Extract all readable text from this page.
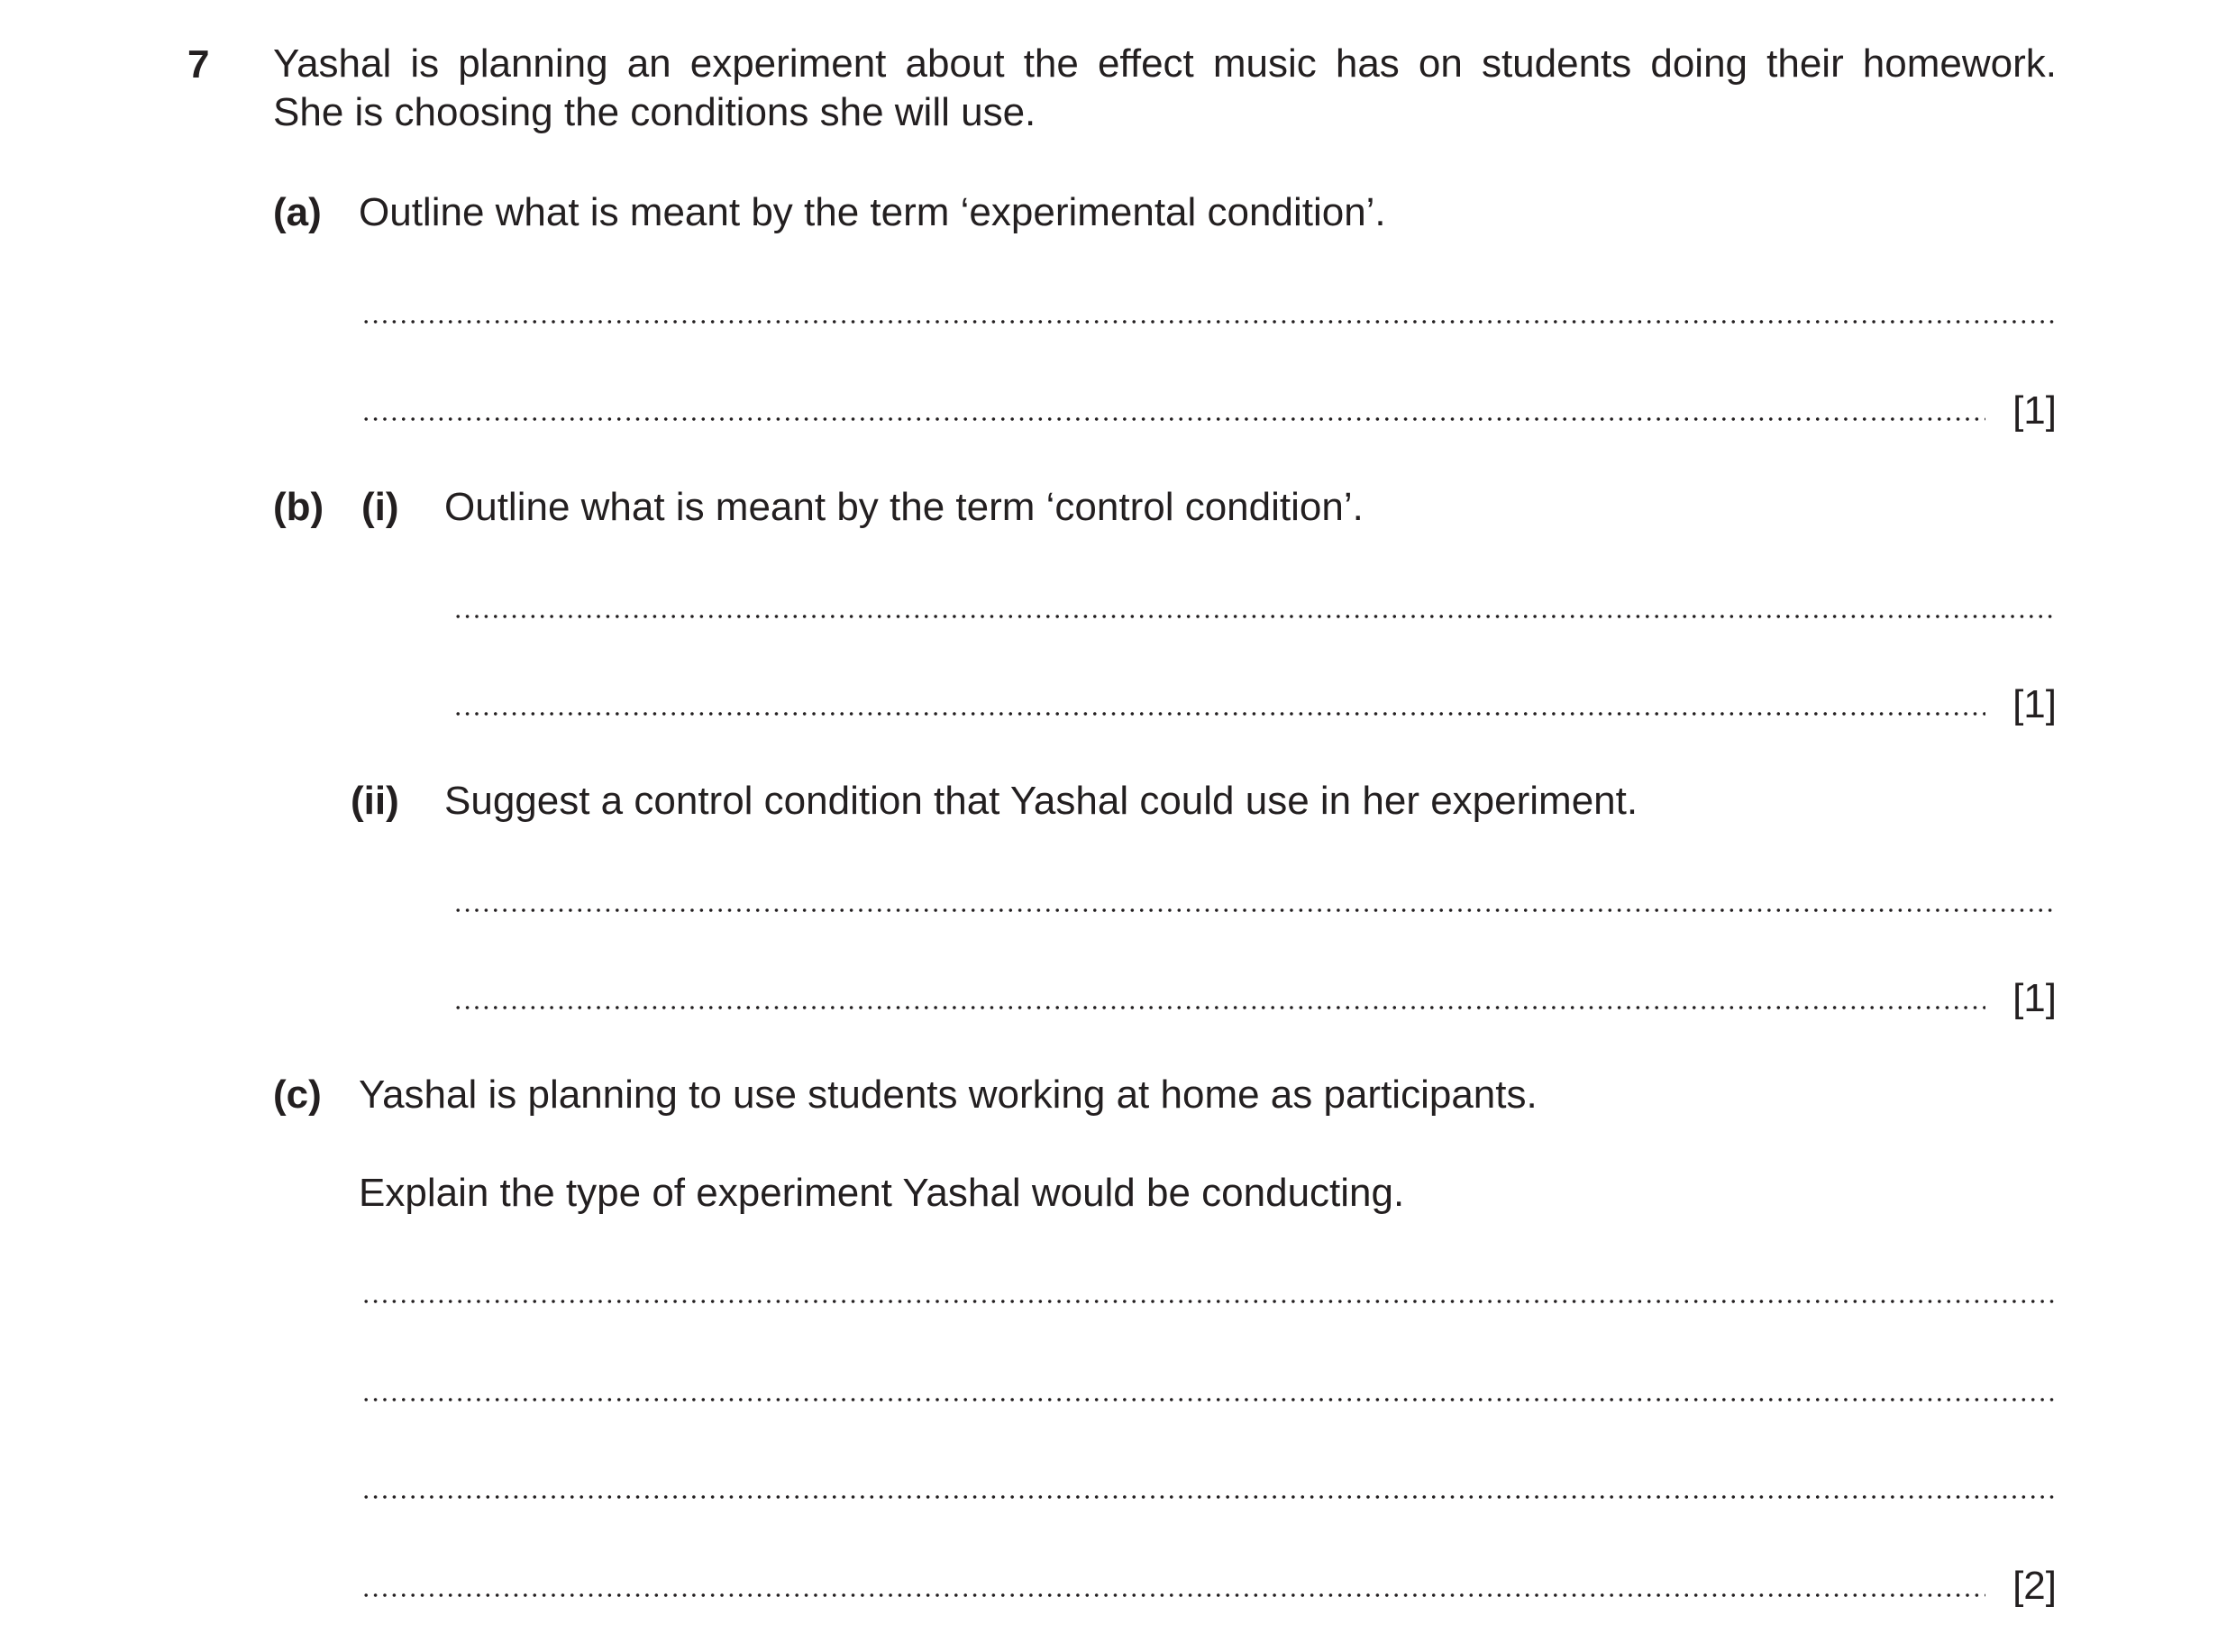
7 Yashal is planning an experiment about the effect music has on students doing their homework.
She is choosing the conditions she will use.
(a) Outline what is meant by the term ‘experimental condition’.
[1]
(b) (i) Outline what is meant by the term ‘control condition’.
[1]
(ii) Suggest a control condition that Yashal could use in her experiment.
[1]
(c) Yashal is planning to use students working at home as participants.
Explain the type of experiment Yashal would be conducting.
[2]
